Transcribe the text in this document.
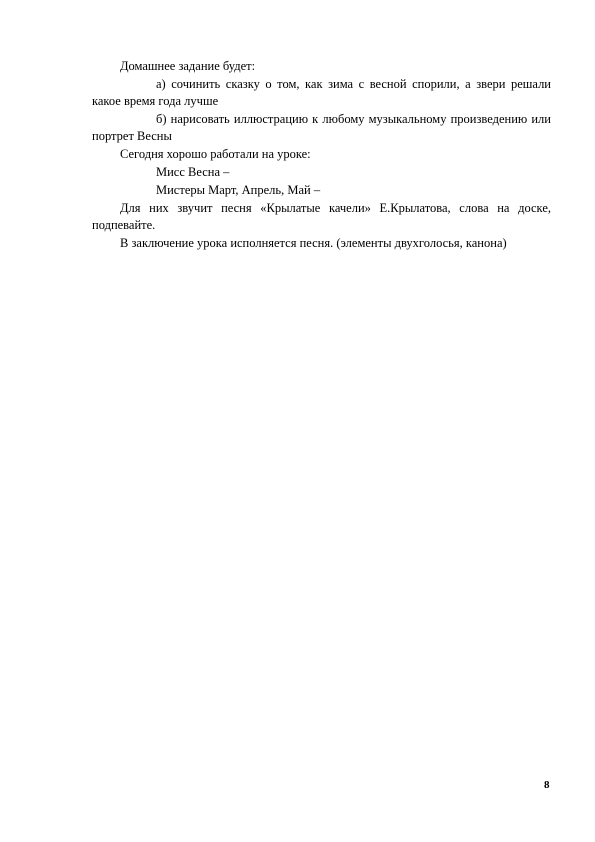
Домашнее задание будет:

а) сочинить сказку о том, как зима с весной спорили, а звери решали какое время года лучше

б) нарисовать иллюстрацию к любому музыкальному произведению или портрет Весны

Сегодня хорошо работали на уроке:

Мисс Весна –

Мистеры Март, Апрель, Май –

Для них звучит песня «Крылатые качели» Е.Крылатова, слова на доске, подпевайте.

В заключение урока исполняется песня. (элементы двухголосья, канона)

8
